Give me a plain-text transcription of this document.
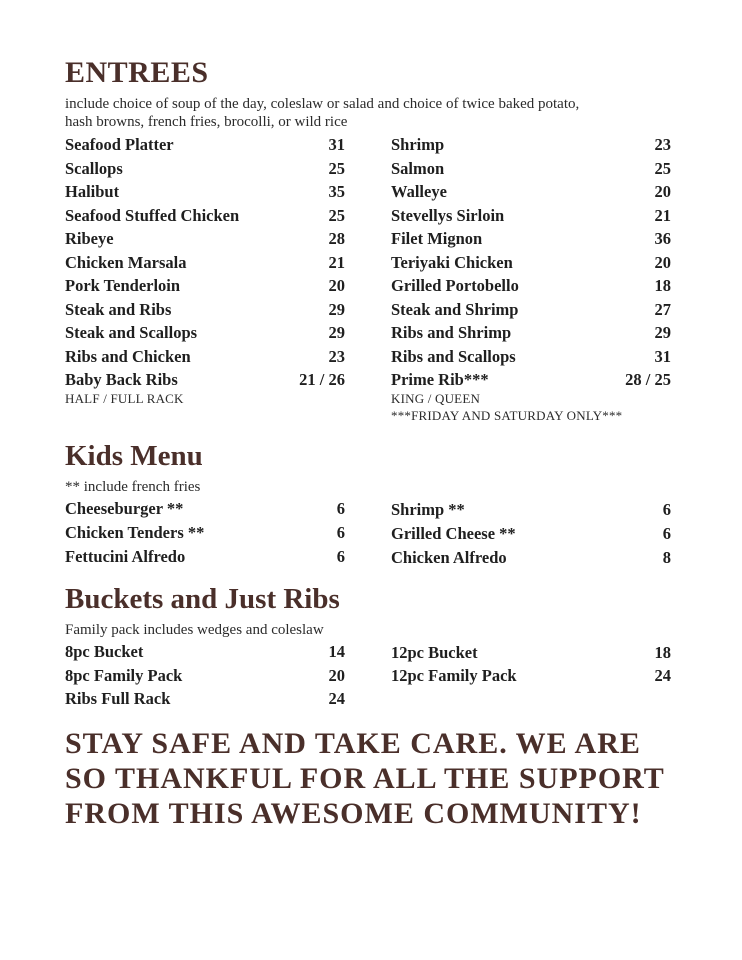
ENTREES

include choice of soup of the day, coleslaw or salad and choice of twice baked potato,

hash browns, french fries, brocolli, or wild rice

Seafood Platter	31
Scallops	25
Halibut	35
Seafood Stuffed Chicken	25
Ribeye	28
Chicken Marsala	21
Pork Tenderloin	20
Steak and Ribs	29
Steak and Scallops	29
Ribs and Chicken	23
Baby Back Ribs	21 / 26
HALF / FULL RACK
Shrimp	23
Salmon	25
Walleye	20
Stevellys Sirloin	21
Filet Mignon	36
Teriyaki Chicken	20
Grilled Portobello	18
Steak and Shrimp	27
Ribs and Shrimp	29
Ribs and Scallops	31
Prime Rib***	28 / 25
KING / QUEEN
***FRIDAY AND SATURDAY ONLY***
Kids Menu

** include french fries

Cheeseburger **	6
Chicken Tenders **	6
Fettucini Alfredo	6
Shrimp **	6
Grilled Cheese **	6
Chicken Alfredo	8
Buckets and Just Ribs

Family pack includes wedges and coleslaw

8pc Bucket	14
8pc Family Pack	20
Ribs Full Rack	24
12pc Bucket	18
12pc Family Pack	24
STAY SAFE AND TAKE CARE. WE ARE
SO THANKFUL FOR ALL THE SUPPORT
FROM THIS AWESOME COMMUNITY!
